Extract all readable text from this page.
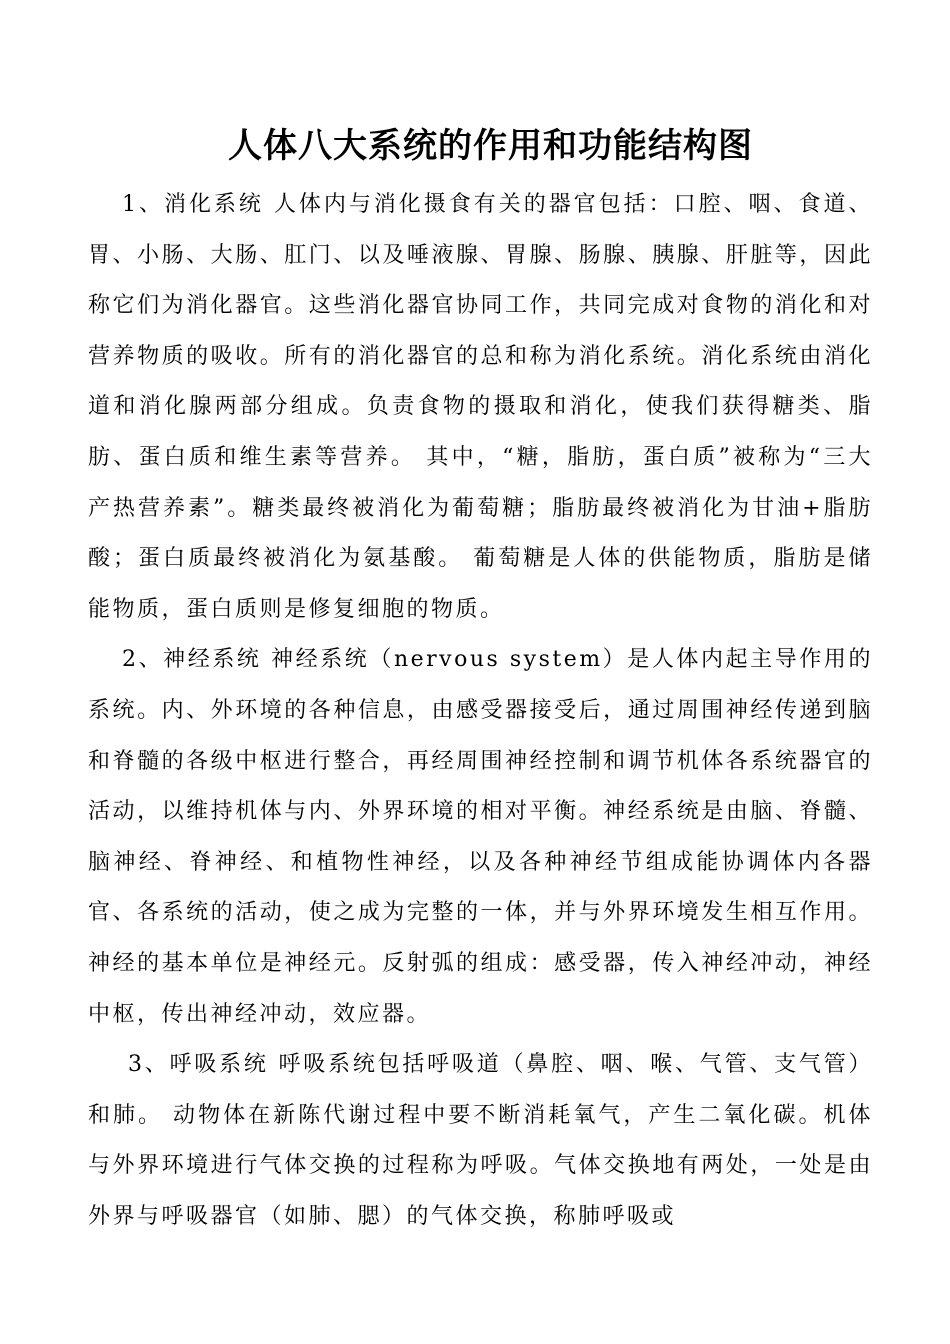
人体八大系统的作用和功能结构图

1、消化系统 人体内与消化摄食有关的器官包括：口腔、咽、食道、胃、小肠、大肠、肛门、以及唾液腺、胃腺、肠腺、胰腺、肝脏等，因此称它们为消化器官。这些消化器官协同工作，共同完成对食物的消化和对营养物质的吸收。所有的消化器官的总和称为消化系统。消化系统由消化道和消化腺两部分组成。负责食物的摄取和消化，使我们获得糖类、脂肪、蛋白质和维生素等营养。 其中，“糖，脂肪，蛋白质”被称为“三大产热营养素”。糖类最终被消化为葡萄糖；脂肪最终被消化为甘油+脂肪酸；蛋白质最终被消化为氨基酸。 葡萄糖是人体的供能物质，脂肪是储能物质，蛋白质则是修复细胞的物质。

2、神经系统 神经系统（nervous system）是人体内起主导作用的系统。内、外环境的各种信息，由感受器接受后，通过周围神经传递到脑和脊髓的各级中枢进行整合，再经周围神经控制和调节机体各系统器官的活动，以维持机体与内、外界环境的相对平衡。神经系统是由脑、脊髓、脑神经、脊神经、和植物性神经，以及各种神经节组成能协调体内各器官、各系统的活动，使之成为完整的一体，并与外界环境发生相互作用。 神经的基本单位是神经元。反射弧的组成：感受器，传入神经冲动，神经中枢，传出神经冲动，效应器。

3、呼吸系统 呼吸系统包括呼吸道（鼻腔、咽、喉、气管、支气管）和肺。 动物体在新陈代谢过程中要不断消耗氧气，产生二氧化碳。机体与外界环境进行气体交换的过程称为呼吸。气体交换地有两处，一处是由外界与呼吸器官（如肺、腮）的气体交换，称肺呼吸或
